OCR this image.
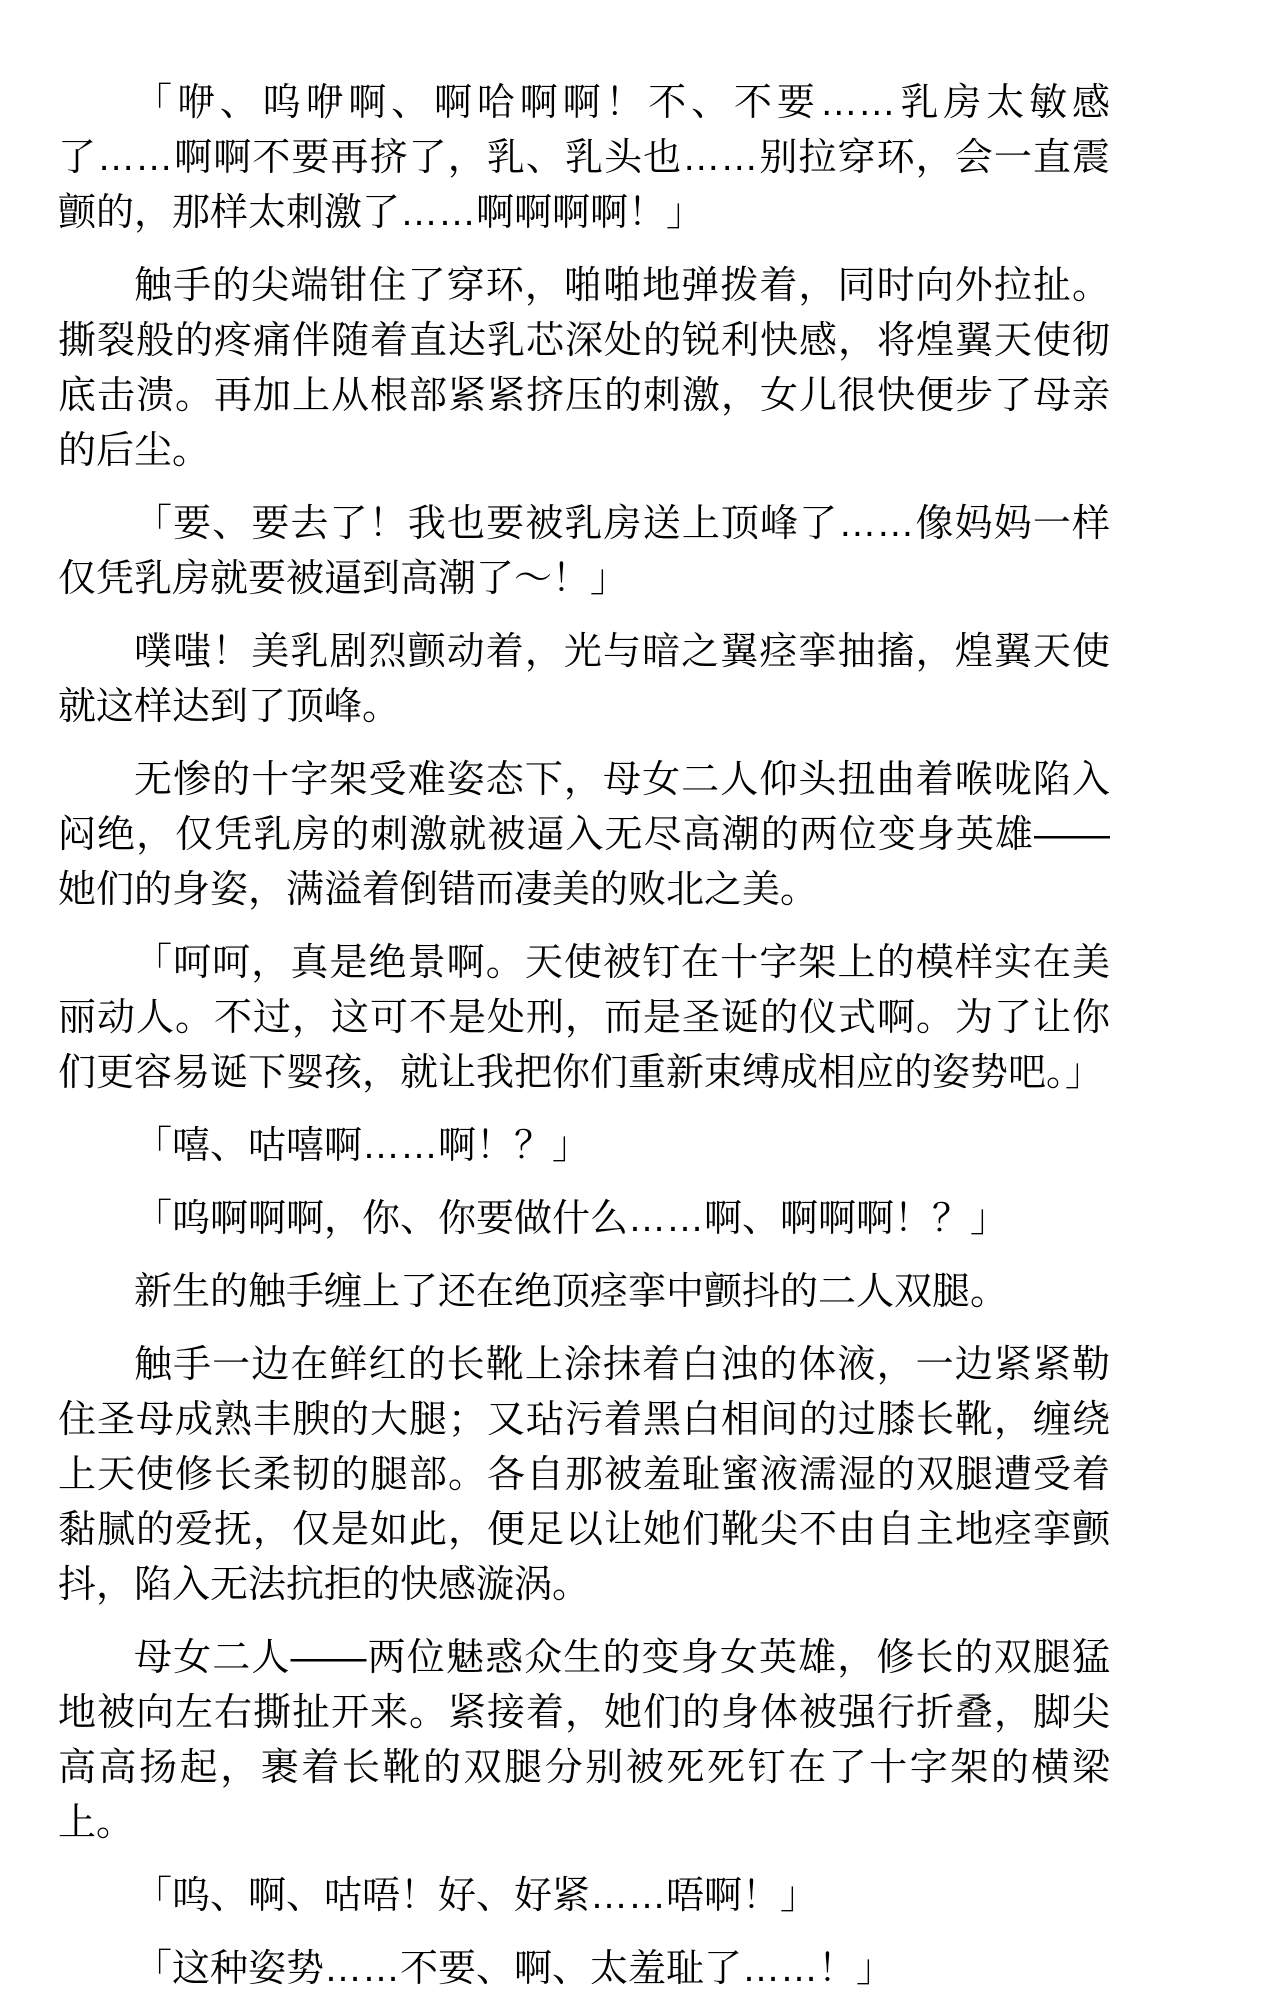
「咿、呜咿啊、啊哈啊啊！不、不要……乳房太敏感了……啊啊不要再挤了，乳、乳头也……别拉穿环，会一直震颤的，那样太刺激了……啊啊啊啊！」

触手的尖端钳住了穿环，啪啪地弹拨着，同时向外拉扯。撕裂般的疼痛伴随着直达乳芯深处的锐利快感，将煌翼天使彻底击溃。再加上从根部紧紧挤压的刺激，女儿很快便步了母亲的后尘。

「要、要去了！我也要被乳房送上顶峰了……像妈妈一样仅凭乳房就要被逼到高潮了～！」

噗嗤！美乳剧烈颤动着，光与暗之翼痉挛抽搐，煌翼天使就这样达到了顶峰。

无惨的十字架受难姿态下，母女二人仰头扭曲着喉咙陷入闷绝，仅凭乳房的刺激就被逼入无尽高潮的两位变身英雄——她们的身姿，满溢着倒错而凄美的败北之美。

「呵呵，真是绝景啊。天使被钉在十字架上的模样实在美丽动人。不过，这可不是处刑，而是圣诞的仪式啊。为了让你们更容易诞下婴孩，就让我把你们重新束缚成相应的姿势吧。」

「嘻、咕嘻啊……啊！？」

「呜啊啊啊，你、你要做什么……啊、啊啊啊！？」

新生的触手缠上了还在绝顶痉挛中颤抖的二人双腿。

触手一边在鲜红的长靴上涂抹着白浊的体液，一边紧紧勒住圣母成熟丰腴的大腿；又玷污着黑白相间的过膝长靴，缠绕上天使修长柔韧的腿部。各自那被羞耻蜜液濡湿的双腿遭受着黏腻的爱抚，仅是如此，便足以让她们靴尖不由自主地痉挛颤抖，陷入无法抗拒的快感漩涡。

母女二人——两位魅惑众生的变身女英雄，修长的双腿猛地被向左右撕扯开来。紧接着，她们的身体被强行折叠，脚尖高高扬起，裹着长靴的双腿分别被死死钉在了十字架的横梁上。

「呜、啊、咕唔！好、好紧……唔啊！」

「这种姿势……不要、啊、太羞耻了……！」
